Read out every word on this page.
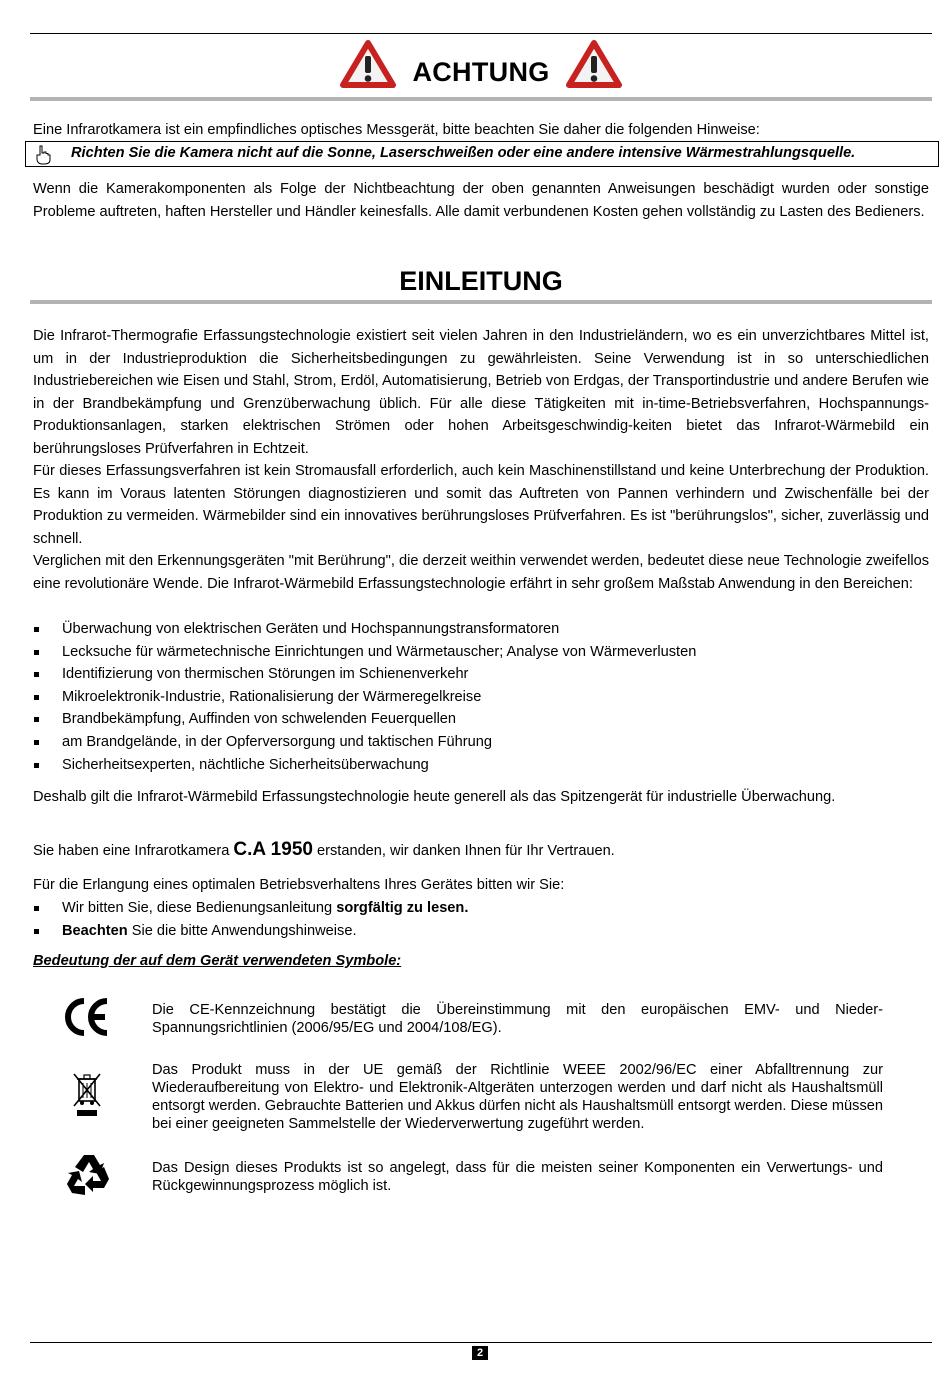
ACHTUNG
Eine Infrarotkamera ist ein empfindliches optisches Messgerät, bitte beachten Sie daher die folgenden Hinweise:
Richten Sie die Kamera nicht auf die Sonne, Laserschweißen oder eine andere intensive Wärmestrahlungsquelle.
Wenn die Kamerakomponenten als Folge der Nichtbeachtung der oben genannten Anweisungen beschädigt wurden oder sonstige Probleme auftreten, haften Hersteller und Händler keinesfalls. Alle damit verbundenen Kosten gehen vollständig zu Lasten des Bedieners.
EINLEITUNG
Die Infrarot-Thermografie Erfassungstechnologie existiert seit vielen Jahren in den Industrieländern, wo es ein unverzichtbares Mittel ist, um in der Industrieproduktion die Sicherheitsbedingungen zu gewährleisten. Seine Verwendung ist in so unterschiedlichen Industriebereichen wie Eisen und Stahl, Strom, Erdöl, Automatisierung, Betrieb von Erdgas, der Transportindustrie und andere Berufen wie in der Brandbekämpfung und Grenzüberwachung üblich. Für alle diese Tätigkeiten mit in-time-Betriebsverfahren, Hochspannungs-Produktionsanlagen, starken elektrischen Strömen oder hohen Arbeitsgeschwindig-keiten bietet das Infrarot-Wärmebild ein berührungsloses Prüfverfahren in Echtzeit.
Für dieses Erfassungsverfahren ist kein Stromausfall erforderlich, auch kein Maschinenstillstand und keine Unterbrechung der Produktion. Es kann im Voraus latenten Störungen diagnostizieren und somit das Auftreten von Pannen verhindern und Zwischenfälle bei der Produktion zu vermeiden. Wärmebilder sind ein innovatives berührungsloses Prüfverfahren. Es ist "berührungslos", sicher, zuverlässig und schnell.
Verglichen mit den Erkennungsgeräten "mit Berührung", die derzeit weithin verwendet werden, bedeutet diese neue Technologie zweifellos eine revolutionäre Wende. Die Infrarot-Wärmebild Erfassungstechnologie erfährt in sehr großem Maßstab Anwendung in den Bereichen:
Überwachung von elektrischen Geräten und Hochspannungstransformatoren
Lecksuche für wärmetechnische Einrichtungen und Wärmetauscher; Analyse von Wärmeverlusten
Identifizierung von thermischen Störungen im Schienenverkehr
Mikroelektronik-Industrie, Rationalisierung der Wärmeregelkreise
Brandbekämpfung, Auffinden von schwelenden Feuerquellen
am Brandgelände, in der Opferversorgung und taktischen Führung
Sicherheitsexperten, nächtliche Sicherheitsüberwachung
Deshalb gilt die Infrarot-Wärmebild Erfassungstechnologie heute generell als das Spitzengerät für industrielle Überwachung.
Sie haben eine Infrarotkamera C.A 1950 erstanden, wir danken Ihnen für Ihr Vertrauen.
Für die Erlangung eines optimalen Betriebsverhaltens Ihres Gerätes bitten wir Sie:
Wir bitten Sie, diese Bedienungsanleitung sorgfältig zu lesen.
Beachten Sie die bitte Anwendungshinweise.
Bedeutung der auf dem Gerät verwendeten Symbole:
Die CE-Kennzeichnung bestätigt die Übereinstimmung mit den europäischen EMV- und Nieder-Spannungsrichtlinien (2006/95/EG und 2004/108/EG).
Das Produkt muss in der UE gemäß der Richtlinie WEEE 2002/96/EC einer Abfalltrennung zur Wiederaufbereitung von Elektro- und Elektronik-Altgeräten unterzogen werden und darf nicht als Haushaltsmüll entsorgt werden. Gebrauchte Batterien und Akkus dürfen nicht als Haushaltsmüll entsorgt werden. Diese müssen bei einer geeigneten Sammelstelle der Wiederverwertung zugeführt werden.
Das Design dieses Produkts ist so angelegt, dass für die meisten seiner Komponenten ein Verwertungs- und Rückgewinnungsprozess möglich ist.
2
